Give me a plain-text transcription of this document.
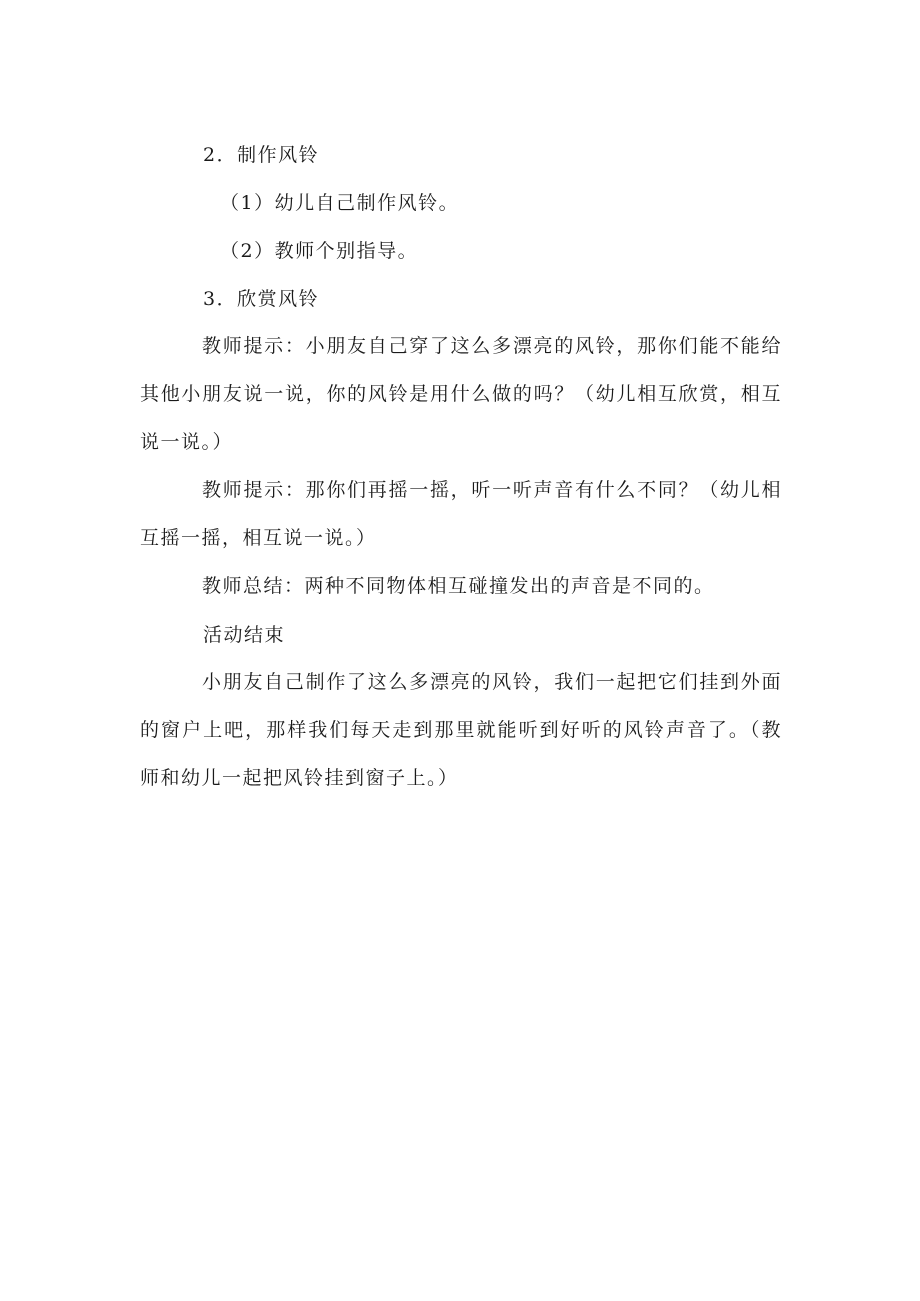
2．制作风铃
（1）幼儿自己制作风铃。
（2）教师个别指导。
3．欣赏风铃
教师提示：小朋友自己穿了这么多漂亮的风铃，那你们能不能给其他小朋友说一说，你的风铃是用什么做的吗？（幼儿相互欣赏，相互说一说。）
教师提示：那你们再摇一摇，听一听声音有什么不同？（幼儿相互摇一摇，相互说一说。）
教师总结：两种不同物体相互碰撞发出的声音是不同的。
活动结束
小朋友自己制作了这么多漂亮的风铃，我们一起把它们挂到外面的窗户上吧，那样我们每天走到那里就能听到好听的风铃声音了。（教师和幼儿一起把风铃挂到窗子上。）
